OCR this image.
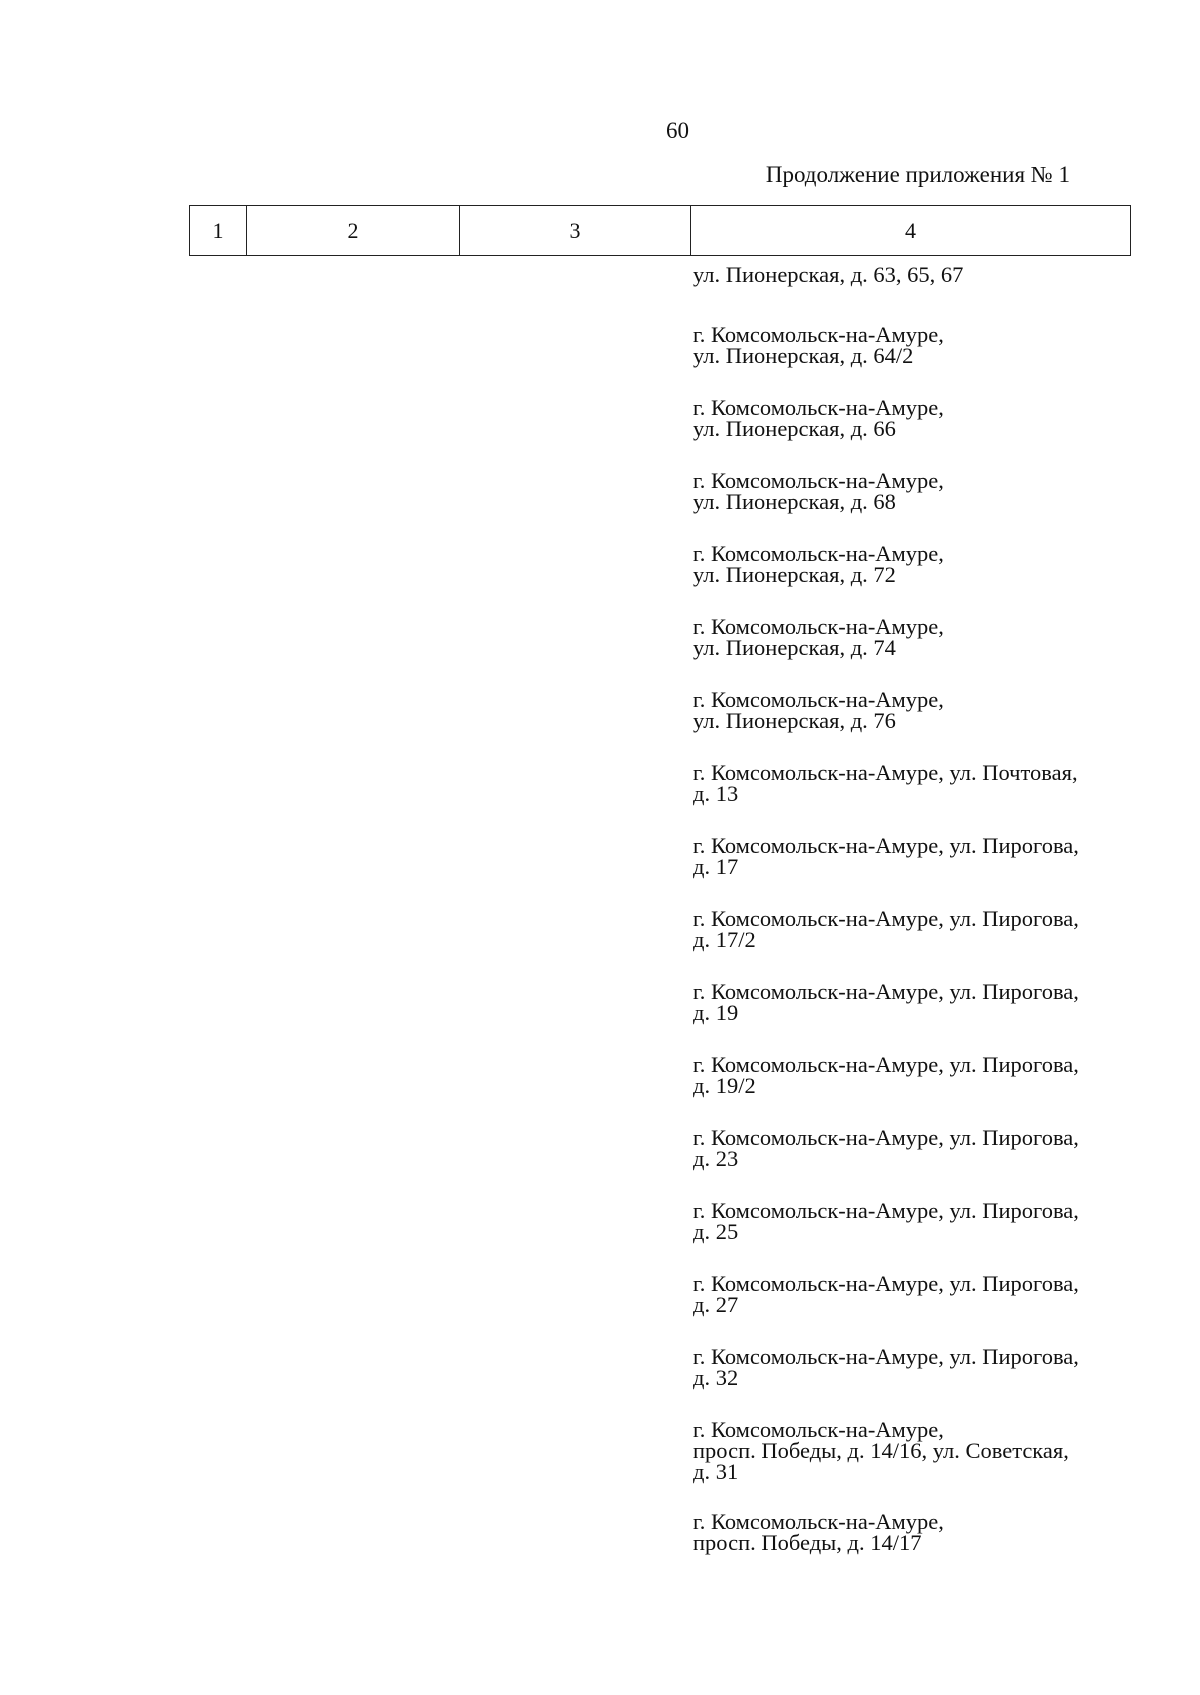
60
Продолжение приложения № 1
1	2	3	4
ул. Пионерская, д. 63, 65, 67
г. Комсомольск-на-Амуре,
ул. Пионерская, д. 64/2
г. Комсомольск-на-Амуре,
ул. Пионерская, д. 66
г. Комсомольск-на-Амуре,
ул. Пионерская, д. 68
г. Комсомольск-на-Амуре,
ул. Пионерская, д. 72
г. Комсомольск-на-Амуре,
ул. Пионерская, д. 74
г. Комсомольск-на-Амуре,
ул. Пионерская, д. 76
г. Комсомольск-на-Амуре, ул. Почтовая,
д. 13
г. Комсомольск-на-Амуре, ул. Пирогова,
д. 17
г. Комсомольск-на-Амуре, ул. Пирогова,
д. 17/2
г. Комсомольск-на-Амуре, ул. Пирогова,
д. 19
г. Комсомольск-на-Амуре, ул. Пирогова,
д. 19/2
г. Комсомольск-на-Амуре, ул. Пирогова,
д. 23
г. Комсомольск-на-Амуре, ул. Пирогова,
д. 25
г. Комсомольск-на-Амуре, ул. Пирогова,
д. 27
г. Комсомольск-на-Амуре, ул. Пирогова,
д. 32
г. Комсомольск-на-Амуре,
просп. Победы, д. 14/16, ул. Советская,
д. 31
г. Комсомольск-на-Амуре,
просп. Победы, д. 14/17
